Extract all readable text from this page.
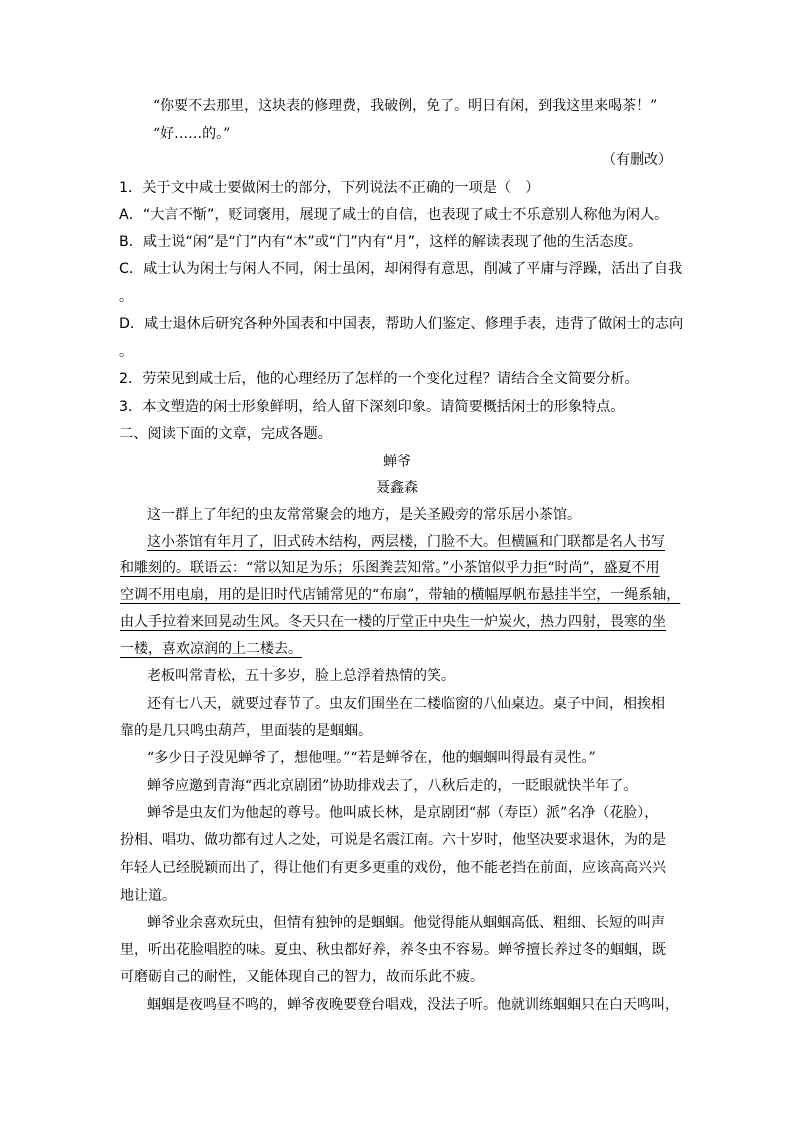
“你要不去那里，这块表的修理费，我破例，免了。明日有闲，到我这里来喝茶！”
“好……的。”
（有删改）
1．关于文中咸士要做闲士的部分，下列说法不正确的一项是（　）
A．“大言不惭”，贬词褒用，展现了咸士的自信，也表现了咸士不乐意别人称他为闲人。
B．咸士说“闲”是“门”内有“木”或“门”内有“月”，这样的解读表现了他的生活态度。
C．咸士认为闲士与闲人不同，闲士虽闲，却闲得有意思，削减了平庸与浮躁，活出了自我
。
D．咸士退休后研究各种外国表和中国表，帮助人们鉴定、修理手表，违背了做闲士的志向
。
2．劳荣见到咸士后，他的心理经历了怎样的一个变化过程？请结合全文简要分析。
3．本文塑造的闲士形象鲜明，给人留下深刻印象。请简要概括闲士的形象特点。
二、阅读下面的文章，完成各题。
蝉爷
聂鑫森
这一群上了年纪的虫友常常聚会的地方，是关圣殿旁的常乐居小茶馆。
这小茶馆有年月了，旧式砖木结构，两层楼，门脸不大。但横匾和门联都是名人书写
和雕刻的。联语云：“常以知足为乐；乐图粪芸知常。”小茶馆似乎力拒“时尚”，盛夏不用
空调不用电扇，用的是旧时代店铺常见的“布扇”，带轴的横幅厚帆布悬挂半空，一绳系轴，
由人手拉着来回晃动生风。冬天只在一楼的厅堂正中央生一炉炭火，热力四射，畏寒的坐
一楼，喜欢凉润的上二楼去。
老板叫常青松，五十多岁，脸上总浮着热情的笑。
还有七八天，就要过春节了。虫友们围坐在二楼临窗的八仙桌边。桌子中间，相挨相
靠的是几只鸣虫葫芦，里面装的是蝈蝈。
“多少日子没见蝉爷了，想他哩。”“若是蝉爷在，他的蝈蝈叫得最有灵性。”
蝉爷应邀到青海“西北京剧团”协助排戏去了，八秋后走的，一眨眼就快半年了。
蝉爷是虫友们为他起的尊号。他叫戚长林，是京剧团“郝（寿臣）派”名净（花脸），
扮相、唱功、做功都有过人之处，可说是名震江南。六十岁时，他坚决要求退休，为的是
年轻人已经脱颖而出了，得让他们有更多更重的戏份，他不能老挡在前面，应该高高兴兴
地让道。
蝉爷业余喜欢玩虫，但情有独钟的是蝈蝈。他觉得能从蝈蝈高低、粗细、长短的叫声
里，听出花脸唱腔的味。夏虫、秋虫都好养，养冬虫不容易。蝉爷擅长养过冬的蝈蝈，既
可磨砺自己的耐性，又能体现自己的智力，故而乐此不疲。
蝈蝈是夜鸣昼不鸣的，蝉爷夜晚要登台唱戏，没法子听。他就训练蝈蝈只在白天鸣叫，
